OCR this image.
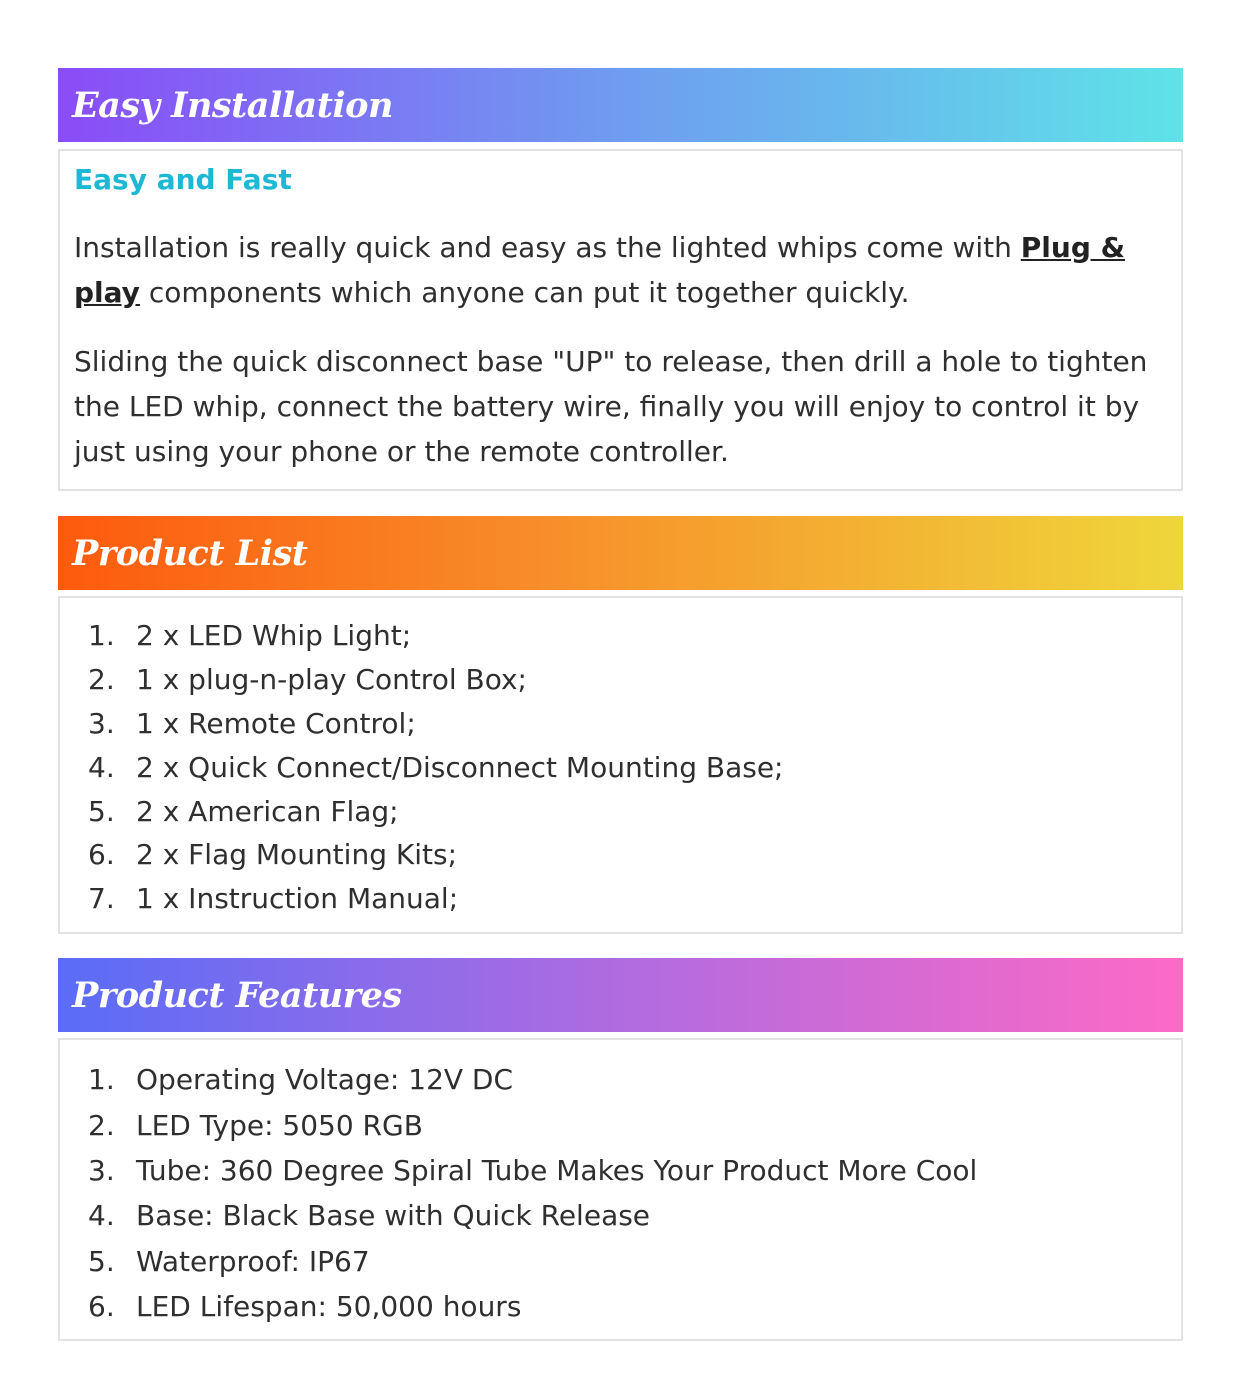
Easy Installation
Easy and Fast

Installation is really quick and easy as the lighted whips come with Plug & play components which anyone can put it together quickly.

Sliding the quick disconnect base "UP" to release, then drill a hole to tighten the LED whip, connect the battery wire, finally you will enjoy to control it by just using your phone or the remote controller.

Product List
1. 2 x LED Whip Light;
2. 1 x plug-n-play Control Box;
3. 1 x Remote Control;
4. 2 x Quick Connect/Disconnect Mounting Base;
5. 2 x American Flag;
6. 2 x Flag Mounting Kits;
7. 1 x Instruction Manual;
Product Features
1. Operating Voltage: 12V DC
2. LED Type: 5050 RGB
3. Tube: 360 Degree Spiral Tube Makes Your Product More Cool
4. Base: Black Base with Quick Release
5. Waterproof: IP67
6. LED Lifespan: 50,000 hours
